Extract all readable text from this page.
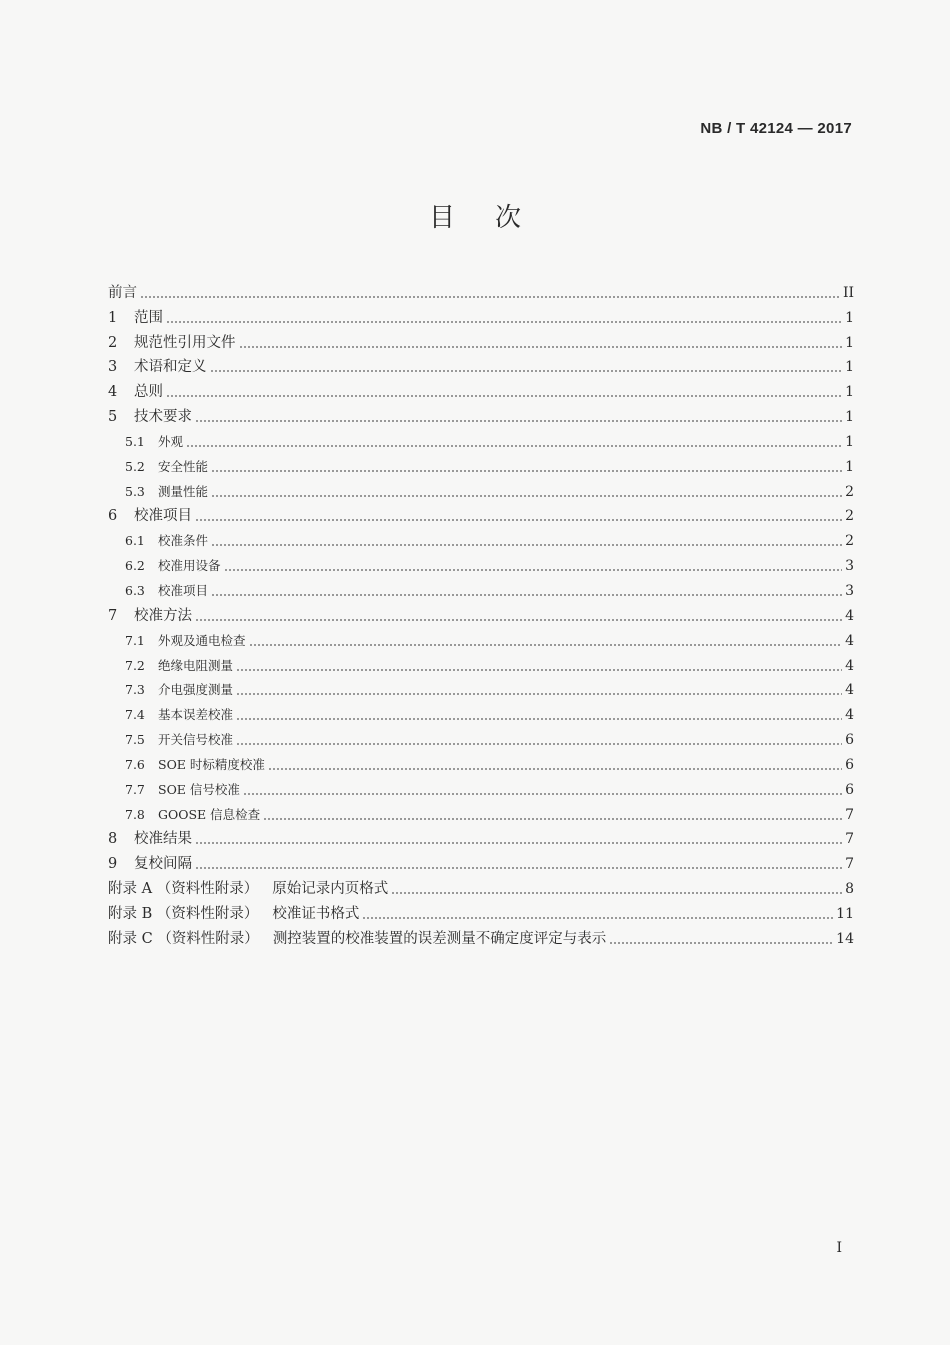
NB / T 42124 — 2017
目次
前言	II
1	范围	1
2	规范性引用文件	1
3	术语和定义	1
4	总则	1
5	技术要求	1
5.1	外观	1
5.2	安全性能	1
5.3	测量性能	2
6	校准项目	2
6.1	校准条件	2
6.2	校准用设备	3
6.3	校准项目	3
7	校准方法	4
7.1	外观及通电检查	4
7.2	绝缘电阻测量	4
7.3	介电强度测量	4
7.4	基本误差校准	4
7.5	开关信号校准	6
7.6	SOE 时标精度校准	6
7.7	SOE 信号校准	6
7.8	GOOSE 信息检查	7
8	校准结果	7
9	复校间隔	7
附录 A （资料性附录） 原始记录内页格式	8
附录 B （资料性附录） 校准证书格式	11
附录 C （资料性附录） 测控装置的校准装置的误差测量不确定度评定与表示	14
I
